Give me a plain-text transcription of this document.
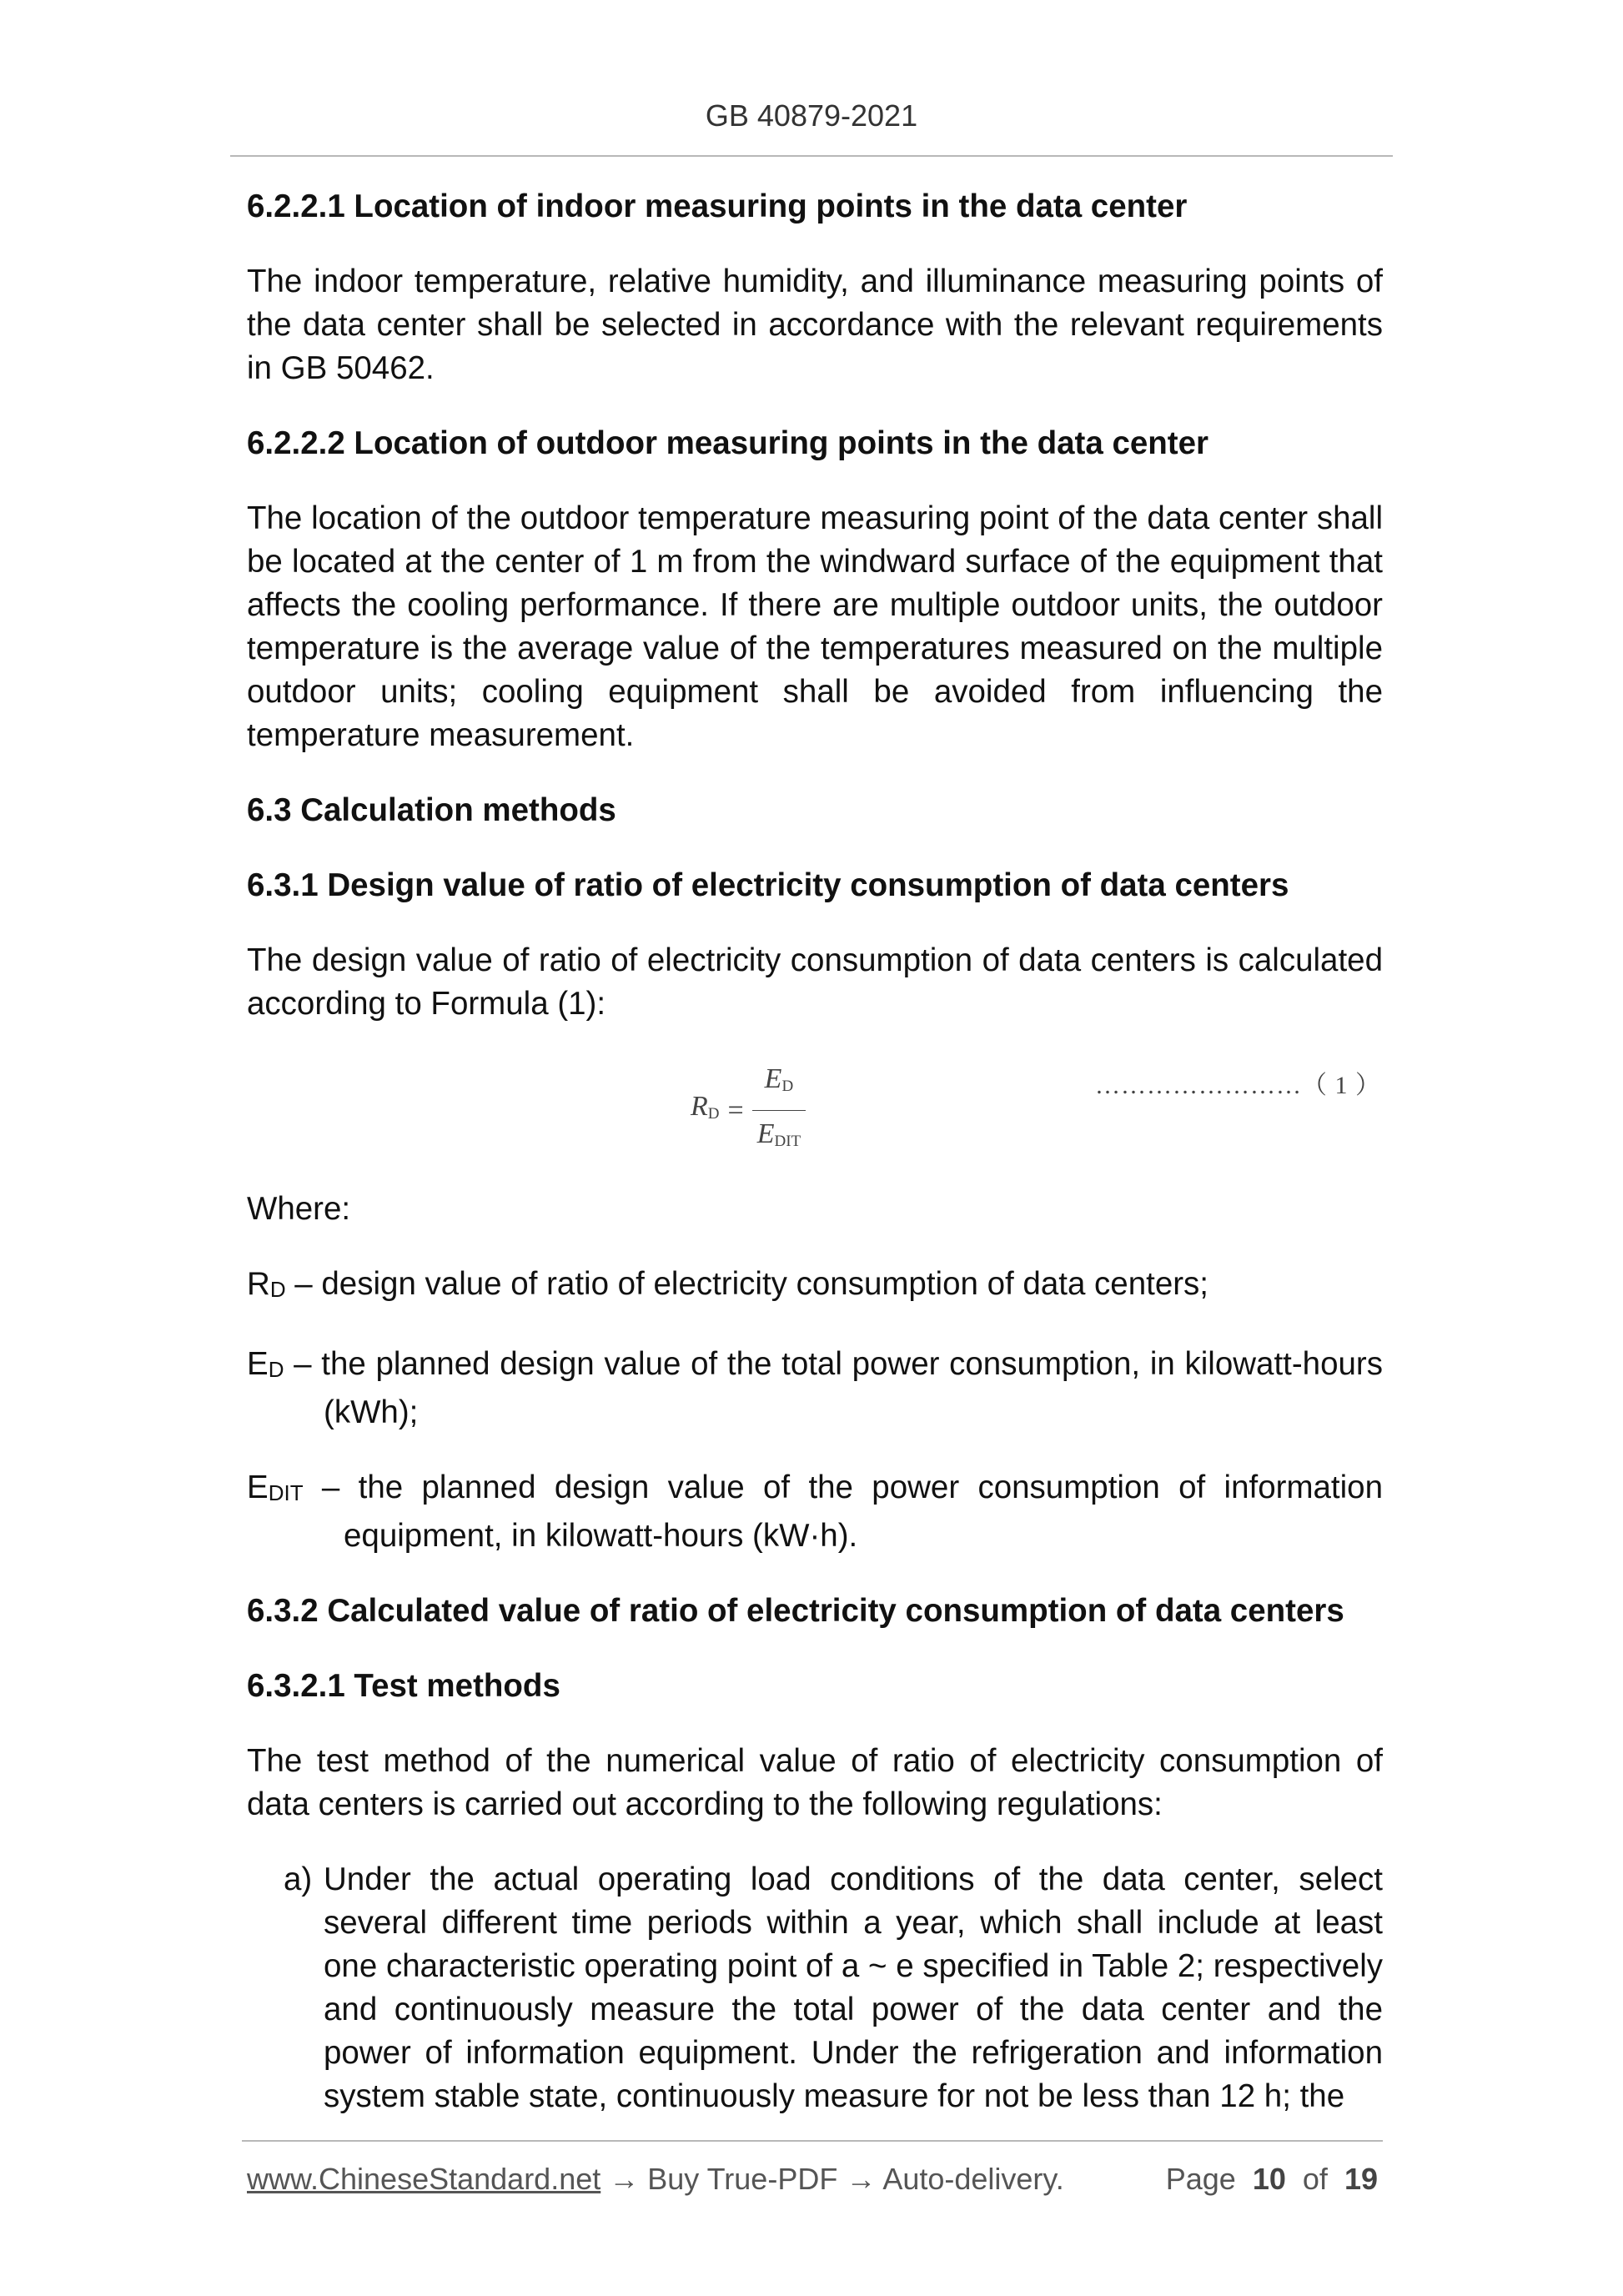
GB 40879-2021
6.2.2.1 Location of indoor measuring points in the data center

The indoor temperature, relative humidity, and illuminance measuring points of the data center shall be selected in accordance with the relevant requirements in GB 50462.

6.2.2.2 Location of outdoor measuring points in the data center

The location of the outdoor temperature measuring point of the data center shall be located at the center of 1 m from the windward surface of the equipment that affects the cooling performance. If there are multiple outdoor units, the outdoor temperature is the average value of the temperatures measured on the multiple outdoor units; cooling equipment shall be avoided from influencing the temperature measurement.

6.3 Calculation methods
6.3.1 Design value of ratio of electricity consumption of data centers

The design value of ratio of electricity consumption of data centers is calculated according to Formula (1):

$R_D = \frac{E_D}{E_{DIT}}$	……………………（ 1 ）

Where:

RD – design value of ratio of electricity consumption of data centers;

ED – the planned design value of the total power consumption, in kilowatt-hours (kWh);

EDIT – the planned design value of the power consumption of information equipment, in kilowatt-hours (kW·h).

6.3.2 Calculated value of ratio of electricity consumption of data centers
6.3.2.1 Test methods

The test method of the numerical value of ratio of electricity consumption of data centers is carried out according to the following regulations:

a) Under the actual operating load conditions of the data center, select several different time periods within a year, which shall include at least one characteristic operating point of a ~ e specified in Table 2; respectively and continuously measure the total power of the data center and the power of information equipment. Under the refrigeration and information system stable state, continuously measure for not be less than 12 h; the
www.ChineseStandard.net → Buy True-PDF → Auto-delivery.	Page 10 of 19
